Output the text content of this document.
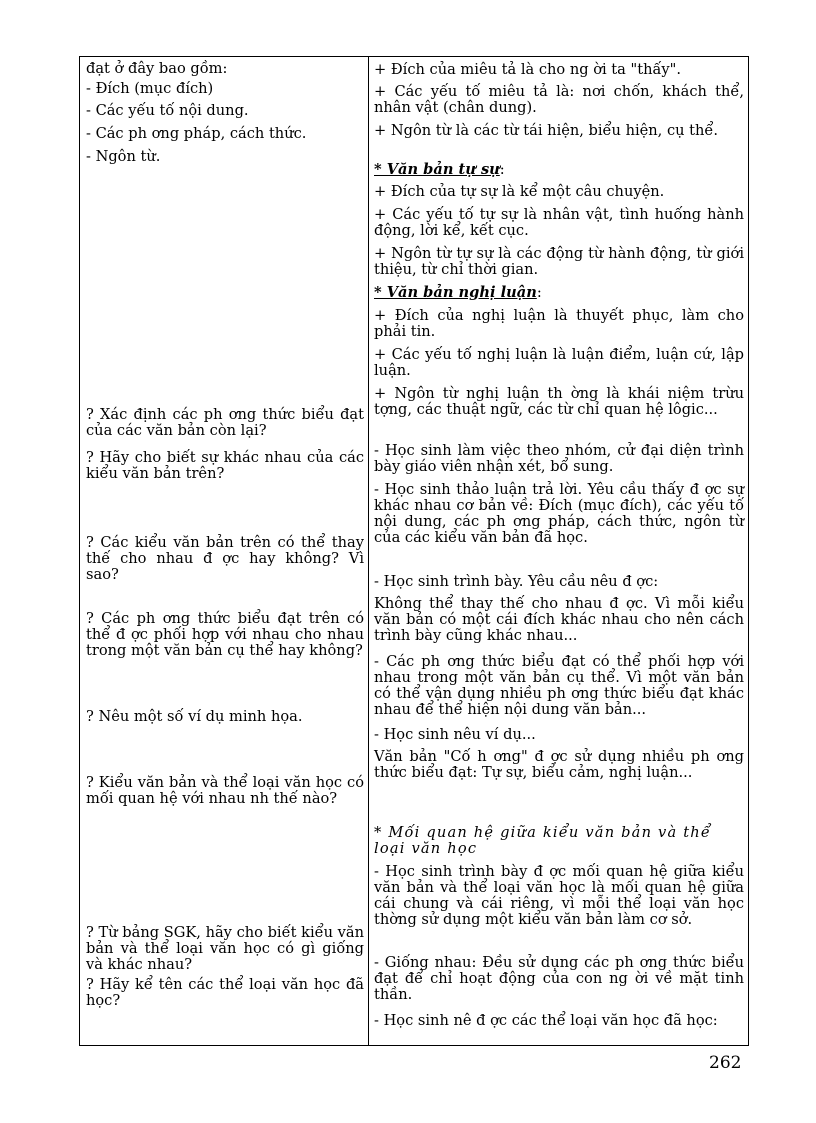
đạt ở đây bao gồm:
- Đích (mục đích)
- Các yếu tố nội dung.
- Các ph ơng pháp, cách thức.
- Ngôn từ.
? Xác định các ph ơng thức biểu đạt của các văn bản còn lại?
? Hãy cho biết sự khác nhau của các kiểu văn bản trên?
? Các kiểu văn bản trên có thể thay thế cho nhau đ ợc hay không? Vì sao?
? Các ph ơng thức biểu đạt trên có thể đ ợc phối hợp với nhau cho nhau trong một văn bản cụ thể hay không?
? Nêu một số ví dụ minh họa.
? Kiểu văn bản và thể loại văn học có mối quan hệ với nhau nh thế nào?
? Từ bảng SGK, hãy cho biết kiểu văn bản và thể loại văn học có gì giống và khác nhau?
? Hãy kể tên các thể loại văn học đã học?
+ Đích của miêu tả là cho ng ời ta "thấy".
+ Các yếu tố miêu tả là: nơi chốn, khách thể, nhân vật (chân dung).
+ Ngôn từ là các từ tái hiện, biểu hiện, cụ thể.
* Văn bản tự sự:
+ Đích của tự sự là kể một câu chuyện.
+ Các yếu tố tự sự là nhân vật, tình huống hành động, lời kể, kết cục.
+ Ngôn từ tự sự là các động từ hành động, từ giới thiệu, từ chỉ thời gian.
* Văn bản nghị luận:
+ Đích của nghị luận là thuyết phục, làm cho phải tin.
+ Các yếu tố nghị luận là luận điểm, luận cứ, lập luận.
+ Ngôn từ nghị luận th ờng là khái niệm trừu tợng, các thuật ngữ, các từ chỉ quan hệ lôgic...
- Học sinh làm việc theo nhóm, cử đại diện trình bày giáo viên nhận xét, bổ sung.
- Học sinh thảo luận trả lời. Yêu cầu thấy đ ợc sự khác nhau cơ bản về: Đích (mục đích), các yếu tố nội dung, các ph ơng pháp, cách thức, ngôn từ của các kiểu văn bản đã học.
- Học sinh trình bày. Yêu cầu nêu đ ợc:
Không thể thay thế cho nhau đ ợc. Vì mỗi kiểu văn bản có một cái đích khác nhau cho nên cách trình bày cũng khác nhau...
- Các ph ơng thức biểu đạt có thể phối hợp với nhau trong một văn bản cụ thể. Vì một văn bản có thể vận dụng nhiều ph ơng thức biểu đạt khác nhau để thể hiện nội dung văn bản...
- Học sinh nêu ví dụ...
Văn bản "Cố h ơng" đ ợc sử dụng nhiều ph ơng thức biểu đạt: Tự sự, biểu cảm, nghị luận...
* Mối quan hệ giữa kiểu văn bản và thể loại văn học
- Học sinh trình bày đ ợc mối quan hệ giữa kiểu văn bản và thể loại văn học là mối quan hệ giữa cái chung và cái riêng, vì mỗi thể loại văn học thờng sử dụng một kiểu văn bản làm cơ sở.
- Giống nhau: Đều sử dụng các ph ơng thức biểu đạt để chỉ hoạt động của con ng ời về mặt tinh thần.
- Học sinh nê đ ợc các thể loại văn học đã học:
262
